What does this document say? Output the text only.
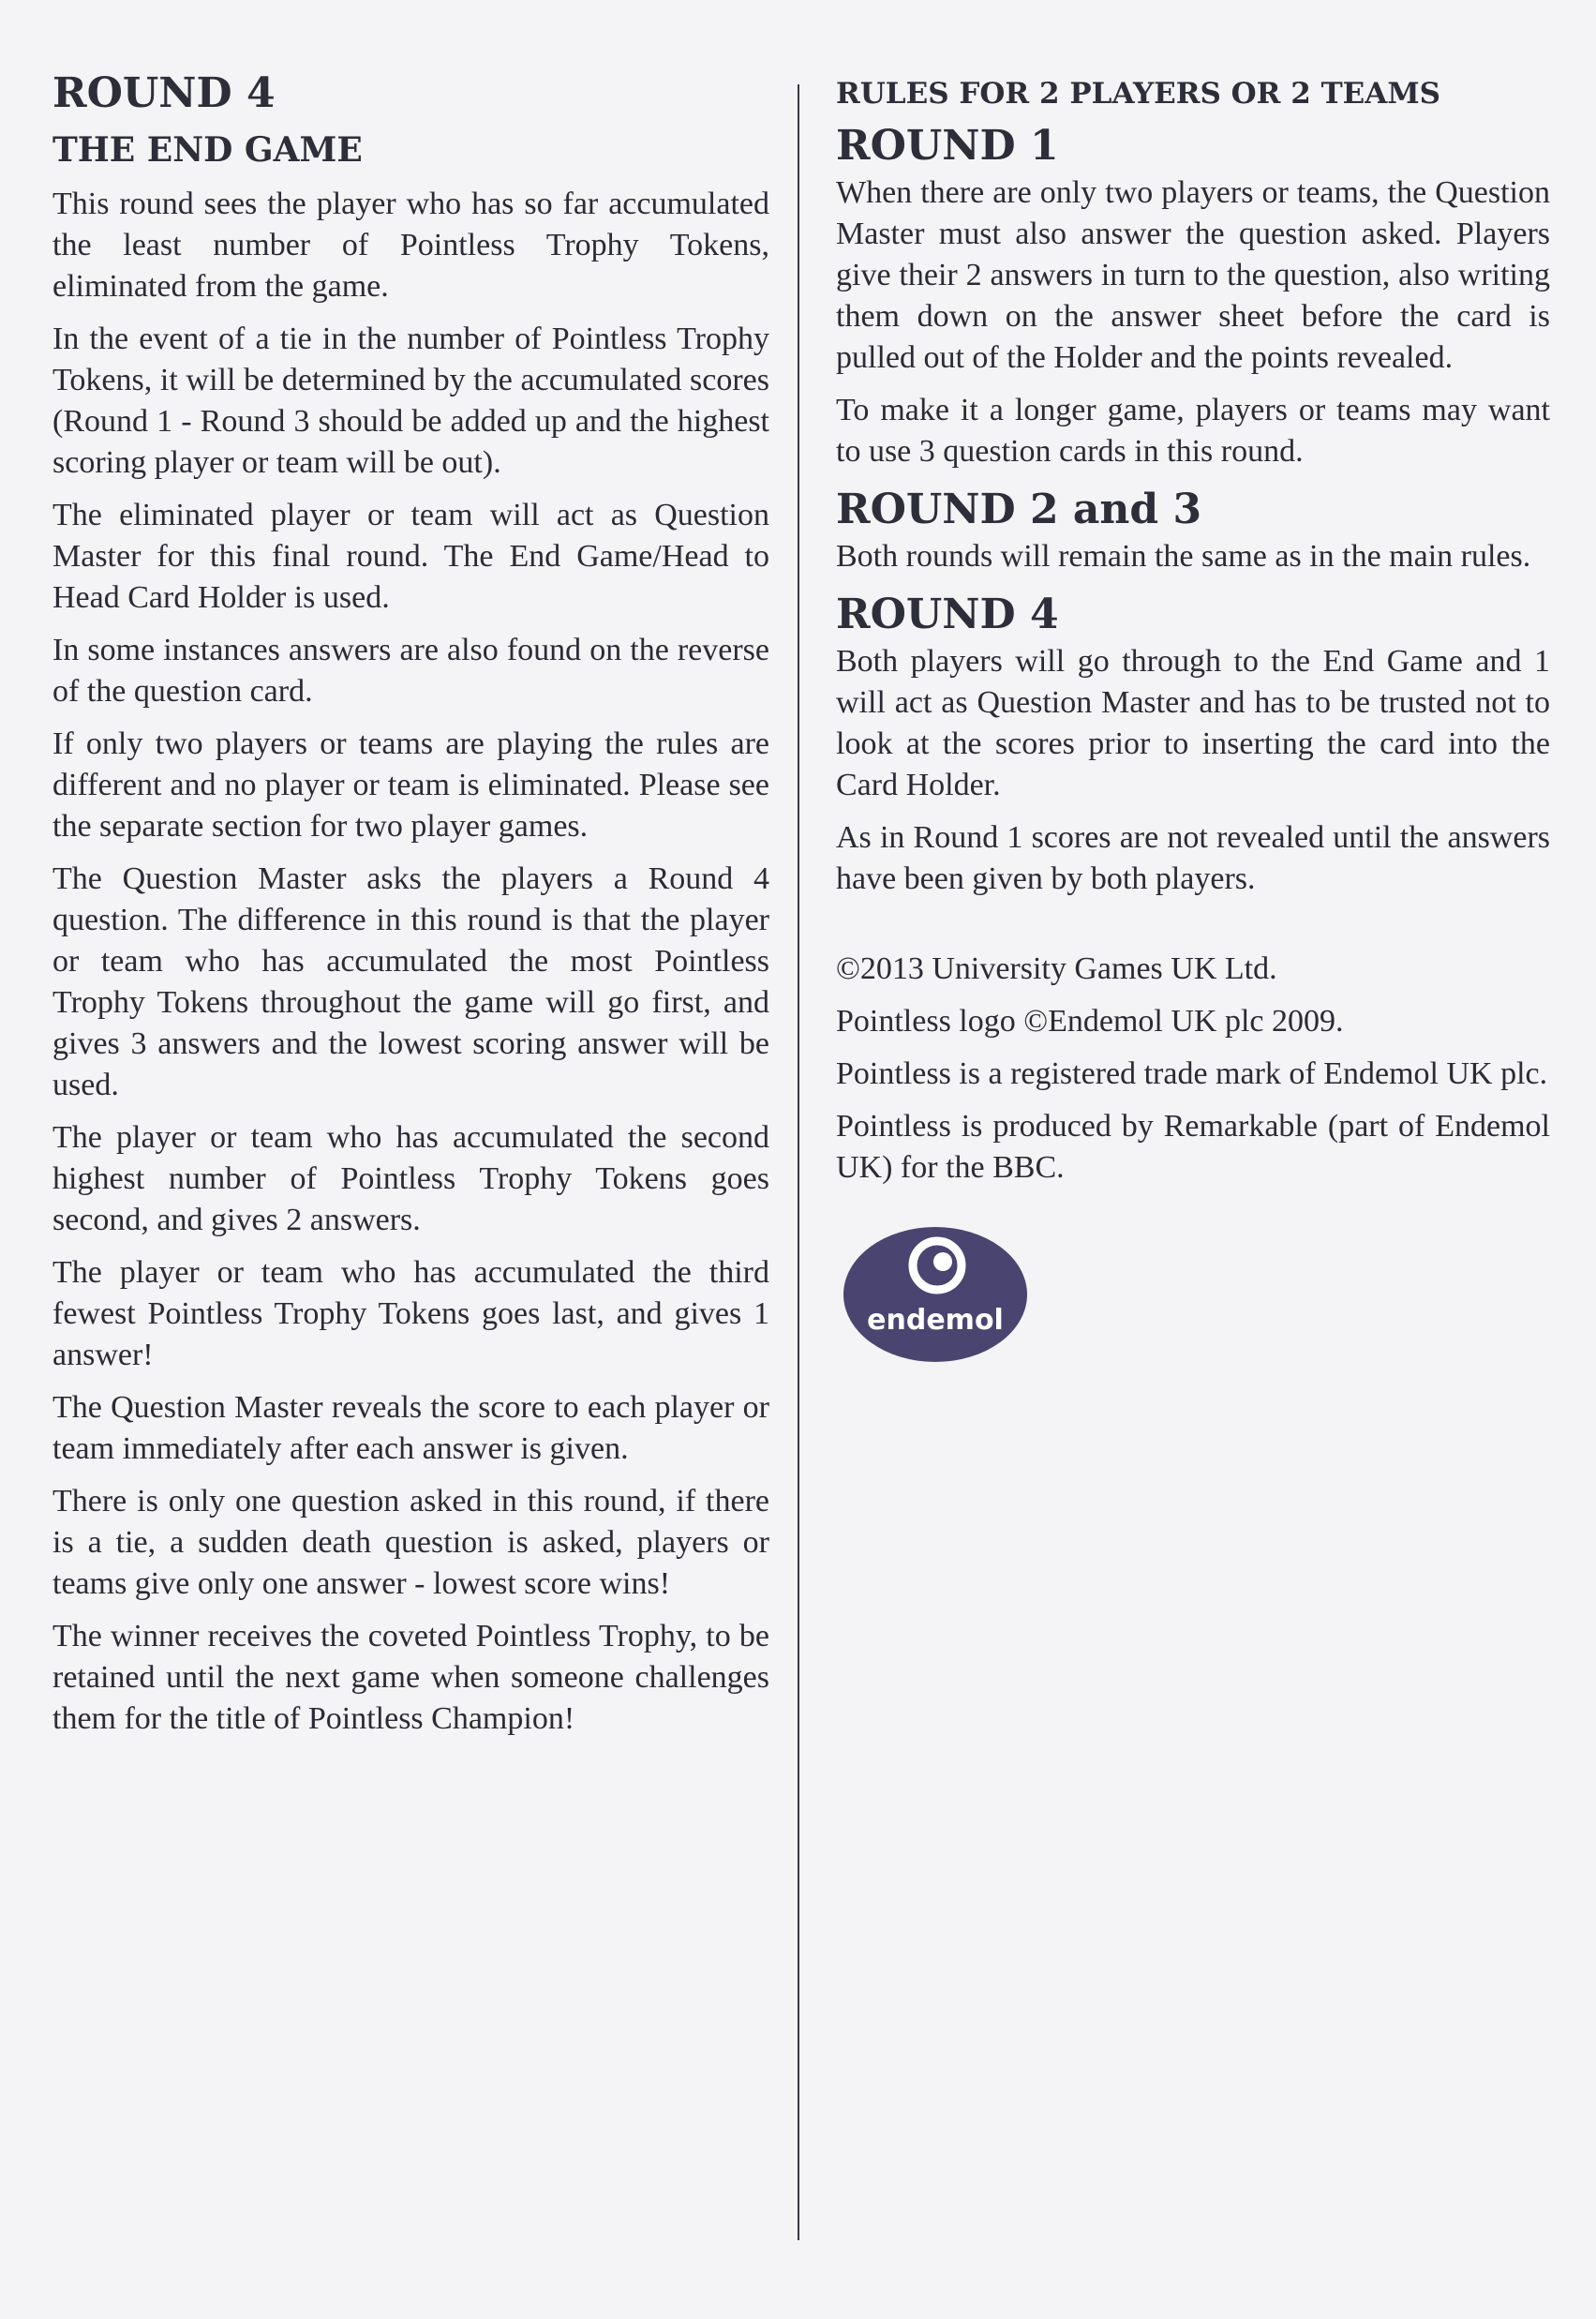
ROUND 4
THE END GAME

This round sees the player who has so far accumulated the least number of Pointless Trophy Tokens, eliminated from the game.

In the event of a tie in the number of Pointless Trophy Tokens, it will be determined by the accumulated scores (Round 1 - Round 3 should be added up and the highest scoring player or team will be out).

The eliminated player or team will act as Question Master for this final round. The End Game/Head to Head Card Holder is used.

In some instances answers are also found on the reverse of the question card.

If only two players or teams are playing the rules are different and no player or team is eliminated. Please see the separate section for two player games.

The Question Master asks the players a Round 4 question. The difference in this round is that the player or team who has accumulated the most Pointless Trophy Tokens throughout the game will go first, and gives 3 answers and the lowest scoring answer will be used.

The player or team who has accumulated the second highest number of Pointless Trophy Tokens goes second, and gives 2 answers.

The player or team who has accumulated the third fewest Pointless Trophy Tokens goes last, and gives 1 answer!

The Question Master reveals the score to each player or team immediately after each answer is given.

There is only one question asked in this round, if there is a tie, a sudden death question is asked, players or teams give only one answer - lowest score wins!

The winner receives the coveted Pointless Trophy, to be retained until the next game when someone challenges them for the title of Pointless Champion!

RULES FOR 2 PLAYERS OR 2 TEAMS
ROUND 1

When there are only two players or teams, the Question Master must also answer the question asked. Players give their 2 answers in turn to the question, also writing them down on the answer sheet before the card is pulled out of the Holder and the points revealed.

To make it a longer game, players or teams may want to use 3 question cards in this round.

ROUND 2 and 3

Both rounds will remain the same as in the main rules.

ROUND 4

Both players will go through to the End Game and 1 will act as Question Master and has to be trusted not to look at the scores prior to inserting the card into the Card Holder.

As in Round 1 scores are not revealed until the answers have been given by both players.

©2013 University Games UK Ltd.

Pointless logo ©Endemol UK plc 2009.

Pointless is a registered trade mark of Endemol UK plc.

Pointless is produced by Remarkable (part of Endemol UK) for the BBC.

endemol
